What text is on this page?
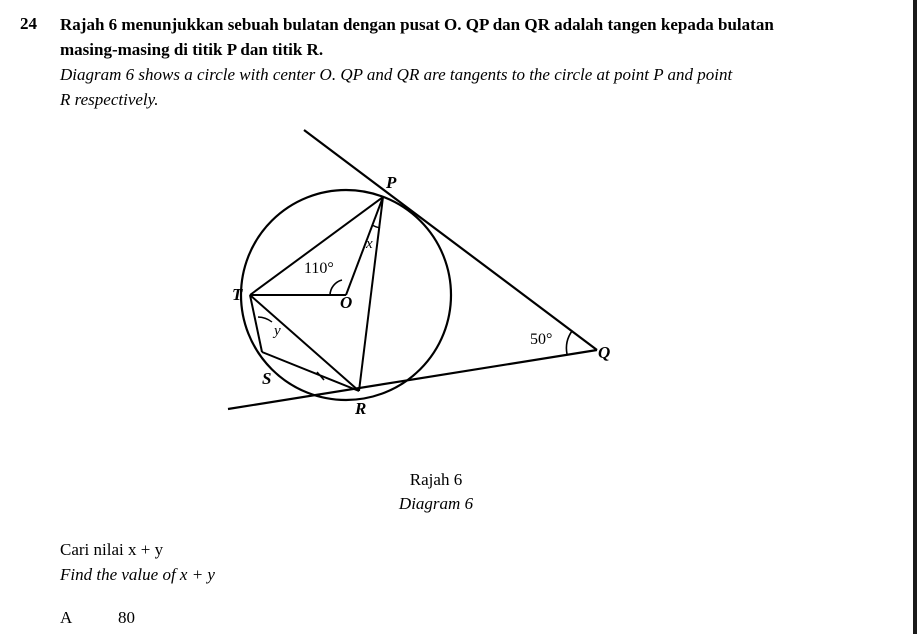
24 Rajah 6 menunjukkan sebuah bulatan dengan pusat O. QP dan QR adalah tangen kepada bulatan
masing-masing di titik P dan titik R.
Diagram 6 shows a circle with center O. QP and QR are tangents to the circle at point P and point
R respectively.
P
Q
R
S
T	O
110°
50°
x
y
Rajah 6
Diagram 6
Cari nilai x + y
Find the value of x + y
A	80
